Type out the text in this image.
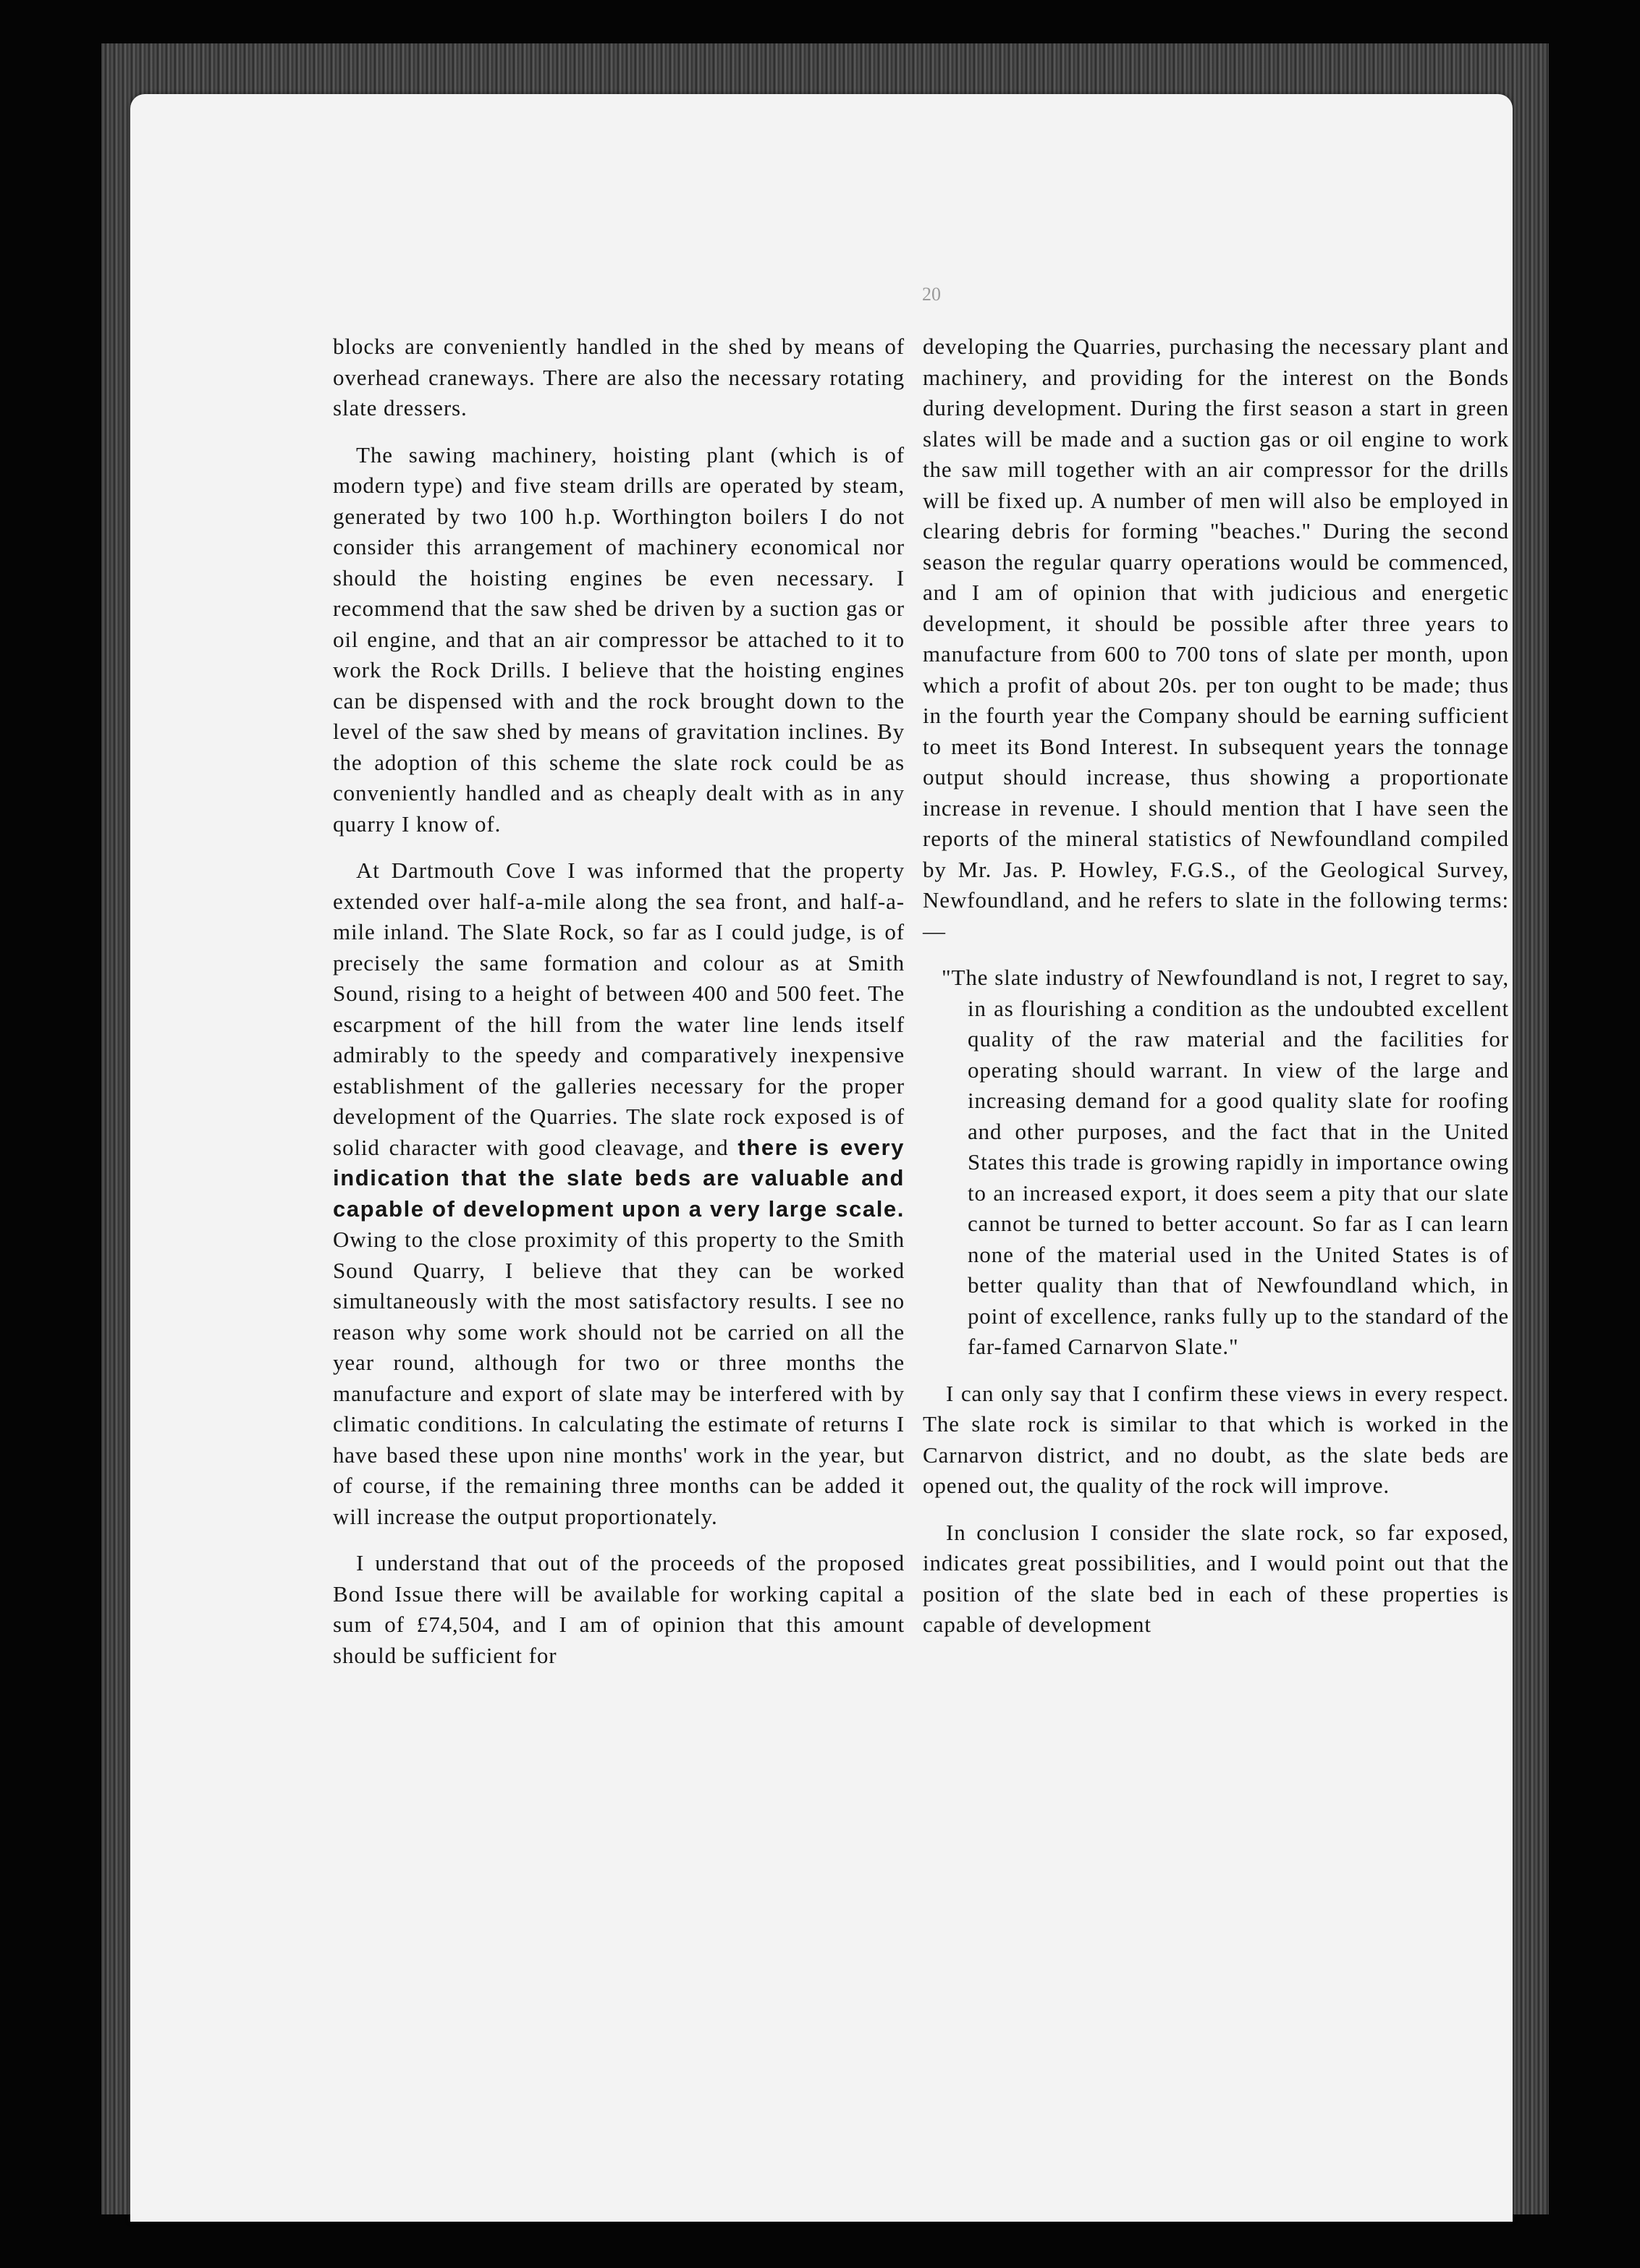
20

blocks are conveniently handled in the shed by means of overhead craneways. There are also the necessary rotating slate dressers.

The sawing machinery, hoisting plant (which is of modern type) and five steam drills are operated by steam, generated by two 100 h.p. Worthington boilers I do not consider this arrangement of machinery economical nor should the hoisting engines be even necessary. I recommend that the saw shed be driven by a suction gas or oil engine, and that an air compressor be attached to it to work the Rock Drills. I believe that the hoisting engines can be dispensed with and the rock brought down to the level of the saw shed by means of gravitation inclines. By the adoption of this scheme the slate rock could be as conveniently handled and as cheaply dealt with as in any quarry I know of.

At Dartmouth Cove I was informed that the property extended over half-a-mile along the sea front, and half-a-mile inland. The Slate Rock, so far as I could judge, is of precisely the same formation and colour as at Smith Sound, rising to a height of between 400 and 500 feet. The escarpment of the hill from the water line lends itself admirably to the speedy and comparatively inexpensive establishment of the galleries necessary for the proper development of the Quarries. The slate rock exposed is of solid character with good cleavage, and there is every indication that the slate beds are valuable and capable of development upon a very large scale. Owing to the close proximity of this property to the Smith Sound Quarry, I believe that they can be worked simultaneously with the most satisfactory results. I see no reason why some work should not be carried on all the year round, although for two or three months the manufacture and export of slate may be interfered with by climatic conditions. In calculating the estimate of returns I have based these upon nine months' work in the year, but of course, if the remaining three months can be added it will increase the output proportionately.

I understand that out of the proceeds of the proposed Bond Issue there will be available for working capital a sum of £74,504, and I am of opinion that this amount should be sufficient for

developing the Quarries, purchasing the necessary plant and machinery, and providing for the interest on the Bonds during development. During the first season a start in green slates will be made and a suction gas or oil engine to work the saw mill together with an air compressor for the drills will be fixed up. A number of men will also be employed in clearing debris for forming "beaches." During the second season the regular quarry operations would be commenced, and I am of opinion that with judicious and energetic development, it should be possible after three years to manufacture from 600 to 700 tons of slate per month, upon which a profit of about 20s. per ton ought to be made; thus in the fourth year the Company should be earning sufficient to meet its Bond Interest. In subsequent years the tonnage output should increase, thus showing a proportionate increase in revenue. I should mention that I have seen the reports of the mineral statistics of Newfoundland compiled by Mr. Jas. P. Howley, F.G.S., of the Geological Survey, Newfoundland, and he refers to slate in the following terms:—

"The slate industry of Newfoundland is not, I regret to say, in as flourishing a condition as the undoubted excellent quality of the raw material and the facilities for operating should warrant. In view of the large and increasing demand for a good quality slate for roofing and other purposes, and the fact that in the United States this trade is growing rapidly in importance owing to an increased export, it does seem a pity that our slate cannot be turned to better account. So far as I can learn none of the material used in the United States is of better quality than that of Newfoundland which, in point of excellence, ranks fully up to the standard of the far-famed Carnarvon Slate."

I can only say that I confirm these views in every respect. The slate rock is similar to that which is worked in the Carnarvon district, and no doubt, as the slate beds are opened out, the quality of the rock will improve.

In conclusion I consider the slate rock, so far exposed, indicates great possibilities, and I would point out that the position of the slate bed in each of these properties is capable of development
